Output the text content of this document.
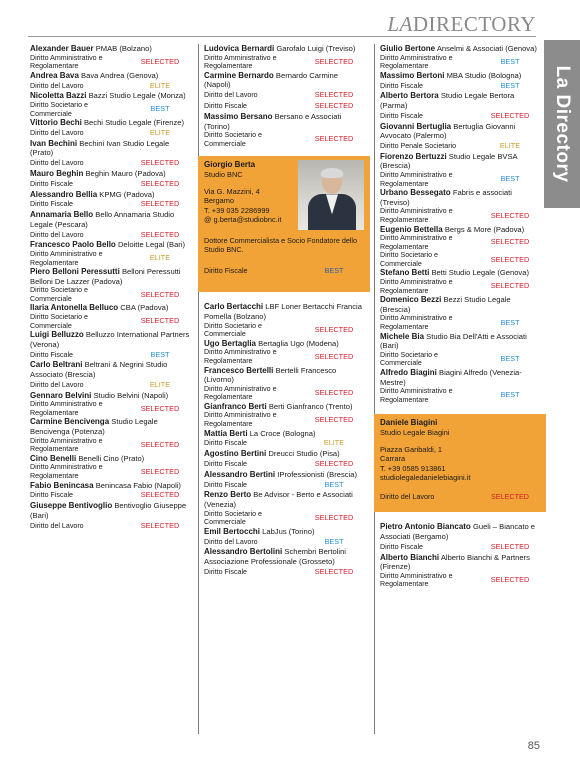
LADIRECTORY
La Directory
Alexander Bauer PMAB (Bolzano)
Diritto Amministrativo e Regolamentare
SELECTED
Andrea Bava Bava Andrea (Genova)
Diritto del Lavoro	ELITE
Nicoletta Bazzi Bazzi Studio Legale (Monza)
Diritto Societario e Commerciale
BEST
Vittorio Bechi Bechi Studio Legale (Firenze)
Diritto del Lavoro	ELITE
Ivan Bechini Bechini Ivan Studio Legale (Prato)
Diritto del Lavoro	SELECTED
Mauro Beghin Beghin Mauro (Padova)
Diritto Fiscale	SELECTED
Alessandro Bellia KPMG (Padova)
Diritto Fiscale	SELECTED
Annamaria Bello Bello Annamaria Studio Legale (Pescara)
Diritto del Lavoro	SELECTED
Francesco Paolo Bello Deloitte Legal (Bari)
Diritto Amministrativo e Regolamentare
ELITE
Piero Belloni Peressutti Belloni Peressutti Belloni De Lazzer (Padova)
Diritto Societario e Commerciale
SELECTED
Ilaria Antonella Belluco CBA (Padova)
Diritto Societario e Commerciale
SELECTED
Luigi Belluzzo Belluzzo International Partners (Verona)
Diritto Fiscale	BEST
Carlo Beltrani Beltrani & Negrini Studio Associato (Brescia)
Diritto del Lavoro	ELITE
Gennaro Belvini Studio Belvini (Napoli)
Diritto Amministrativo e Regolamentare
SELECTED
Carmine Bencivenga Studio Legale Bencivenga (Potenza)
Diritto Amministrativo e Regolamentare
SELECTED
Cino Benelli Benelli Cino (Prato)
Diritto Amministrativo e Regolamentare
SELECTED
Fabio Benincasa Benincasa Fabio (Napoli)
Diritto Fiscale	SELECTED
Giuseppe Bentivoglio Bentivoglio Giuseppe (Bari)
Diritto del Lavoro	SELECTED
Ludovica Bernardi Garofalo Luigi (Treviso)
Diritto Amministrativo e Regolamentare
SELECTED
Carmine Bernardo Bernardo Carmine (Napoli)
Diritto del Lavoro	SELECTED
Diritto Fiscale	SELECTED
Massimo Bersano Bersano e Associati (Torino)
Diritto Societario e Commerciale
SELECTED
Giorgio Berta
Studio BNC
Via G. Mazzini, 4
Bergamo
T. +39 035 2286999
@ g.berta@studiobnc.it
Dottore Commercialista e Socio Fondatore dello Studio BNC.
Diritto Fiscale	BEST
Carlo Bertacchi LBF Loner Bertacchi Francia Pomella (Bolzano)
Diritto Societario e Commerciale
SELECTED
Ugo Bertaglia Bertaglia Ugo (Modena)
Diritto Amministrativo e Regolamentare
SELECTED
Francesco Bertelli Bertelli Francesco (Livorno)
Diritto Amministrativo e Regolamentare
SELECTED
Gianfranco Berti Berti Gianfranco (Trento)
Diritto Amministrativo e Regolamentare
SELECTED
Mattia Berti La Croce (Bologna)
Diritto Fiscale	ELITE
Agostino Bertini Dreucci Studio (Pisa)
Diritto Fiscale	SELECTED
Alessandro Bertini IProfessionisti (Brescia)
Diritto Fiscale	BEST
Renzo Berto Be Advisor - Berto e Associati (Venezia)
Diritto Societario e Commerciale
SELECTED
Emil Bertocchi LabJus (Torino)
Diritto del Lavoro	BEST
Alessandro Bertolini Schembri Bertolini Associazione Professionale (Grosseto)
Diritto Fiscale	SELECTED
Giulio Bertone Anselmi & Associati (Genova)
Diritto Amministrativo e Regolamentare
BEST
Massimo Bertoni MBA Studio (Bologna)
Diritto Fiscale	BEST
Alberto Bertora Studio Legale Bertora (Parma)
Diritto Fiscale	SELECTED
Giovanni Bertuglia Bertuglia Giovanni Avvocato (Palermo)
Diritto Penale Societario	ELITE
Fiorenzo Bertuzzi Studio Legale BVSA (Brescia)
Diritto Amministrativo e Regolamentare
BEST
Urbano Bessegato Fabris e associati (Treviso)
Diritto Amministrativo e Regolamentare
SELECTED
Eugenio Bettella Bergs & More (Padova)
Diritto Amministrativo e Regolamentare
SELECTED
Diritto Societario e Commerciale
SELECTED
Stefano Betti Betti Studio Legale (Genova)
Diritto Amministrativo e Regolamentare
SELECTED
Domenico Bezzi Bezzi Studio Legale (Brescia)
Diritto Amministrativo e Regolamentare
BEST
Michele Bia Studio Bia Dell'Atti e Associati (Bari)
Diritto Societario e Commerciale
BEST
Alfredo Biagini Biagini Alfredo (Venezia-Mestre)
Diritto Amministrativo e Regolamentare
BEST
Daniele Biagini
Studio Legale Biagini
Piazza Garibaldi, 1
Carrara
T. +39 0585 913861
studiolegaledanielebiagini.it
Diritto del Lavoro	SELECTED
Pietro Antonio Biancato Gueli – Biancato e Associati (Bergamo)
Diritto Fiscale	SELECTED
Alberto Bianchi Alberto Bianchi & Partners (Firenze)
Diritto Amministrativo e Regolamentare
SELECTED
85
